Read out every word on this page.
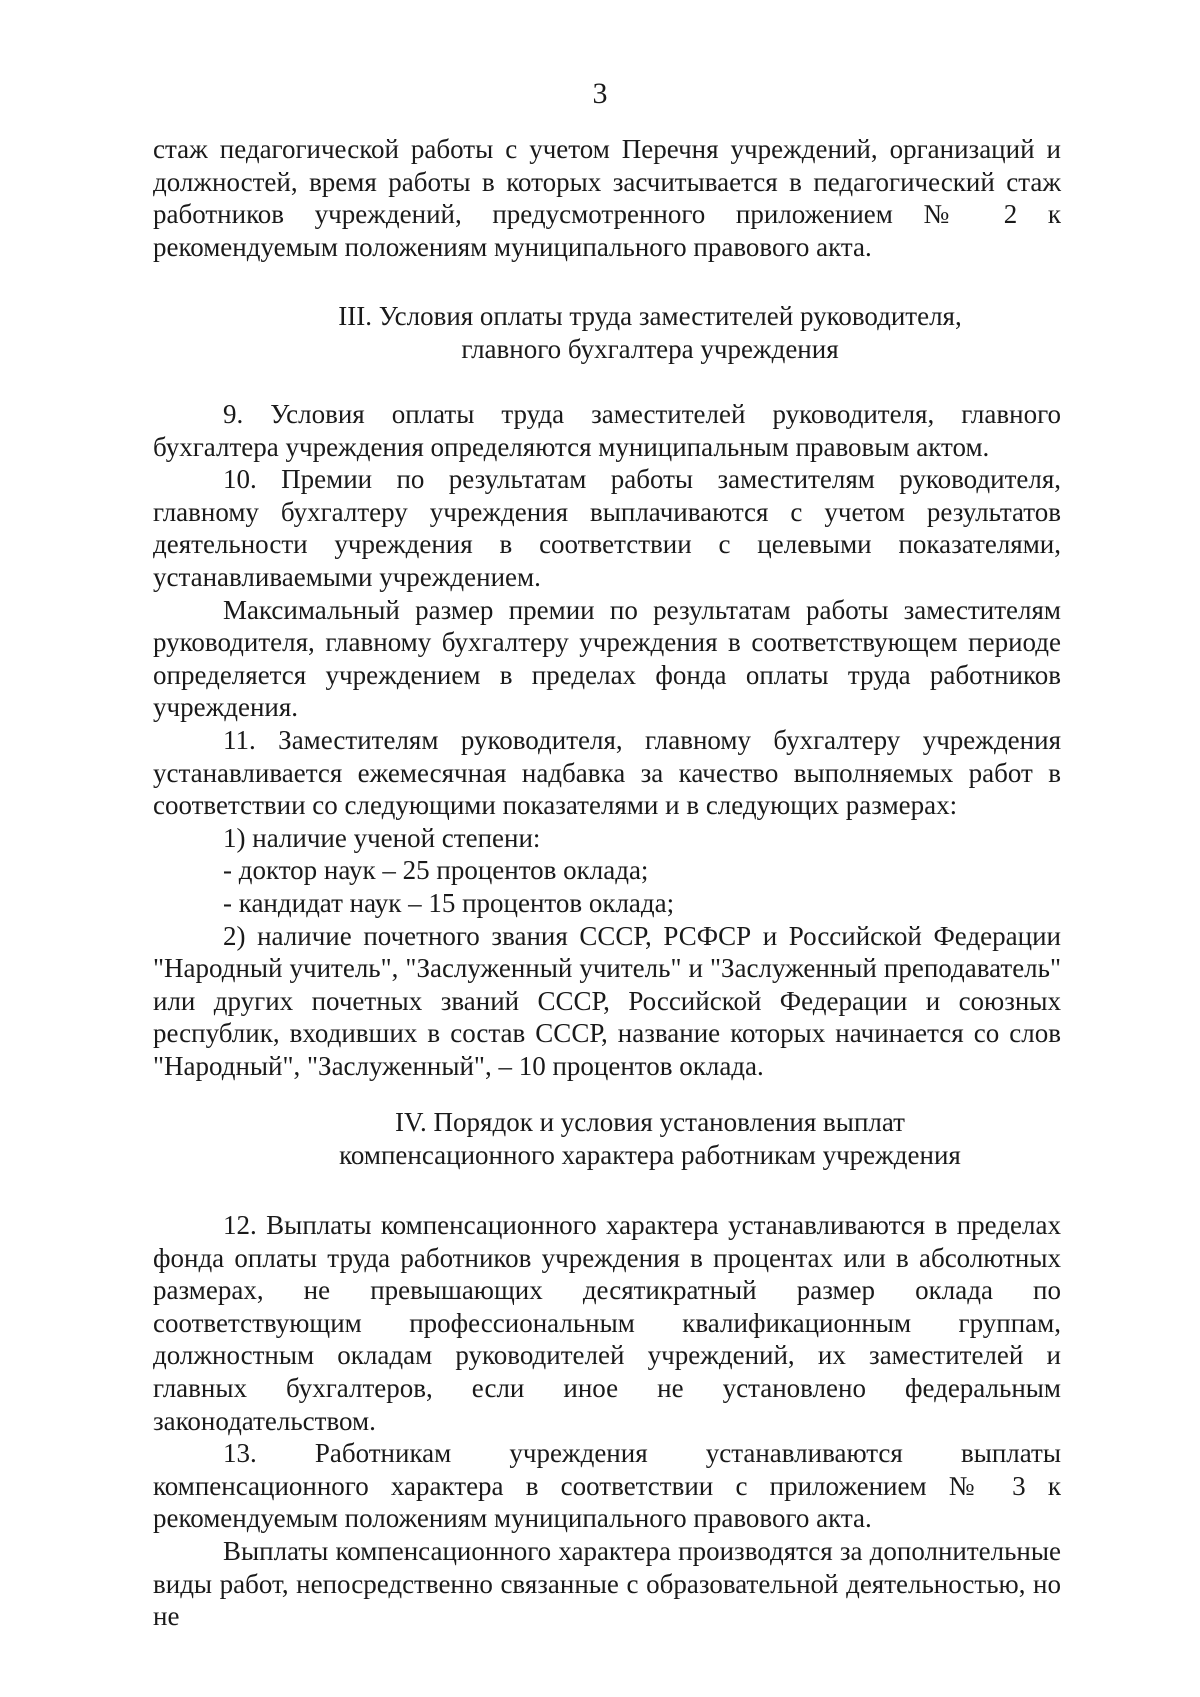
3

стаж педагогической работы с учетом Перечня учреждений, организаций и должностей, время работы в которых засчитывается в педагогический стаж работников учреждений, предусмотренного приложением № 2 к рекомендуемым положениям муниципального правового акта.

III. Условия оплаты труда заместителей руководителя,

главного бухгалтера учреждения

9. Условия оплаты труда заместителей руководителя, главного бухгалтера учреждения определяются муниципальным правовым актом.

10. Премии по результатам работы заместителям руководителя, главному бухгалтеру учреждения выплачиваются с учетом результатов деятельности учреждения в соответствии с целевыми показателями, устанавливаемыми учреждением.

Максимальный размер премии по результатам работы заместителям руководителя, главному бухгалтеру учреждения в соответствующем периоде определяется учреждением в пределах фонда оплаты труда работников учреждения.

11. Заместителям руководителя, главному бухгалтеру учреждения устанавливается ежемесячная надбавка за качество выполняемых работ в соответствии со следующими показателями и в следующих размерах:

1) наличие ученой степени:

- доктор наук – 25 процентов оклада;

- кандидат наук – 15 процентов оклада;

2) наличие почетного звания СССР, РСФСР и Российской Федерации "Народный учитель", "Заслуженный учитель" и "Заслуженный преподаватель" или других почетных званий СССР, Российской Федерации и союзных республик, входивших в состав СССР, название которых начинается со слов "Народный", "Заслуженный", – 10 процентов оклада.

IV. Порядок и условия установления выплат

компенсационного характера работникам учреждения

12. Выплаты компенсационного характера устанавливаются в пределах фонда оплаты труда работников учреждения в процентах или в абсолютных размерах, не превышающих десятикратный размер оклада по соответствующим профессиональным квалификационным группам, должностным окладам руководителей учреждений, их заместителей и главных бухгалтеров, если иное не установлено федеральным законодательством.

13. Работникам учреждения устанавливаются выплаты компенсационного характера в соответствии с приложением № 3 к рекомендуемым положениям муниципального правового акта.

Выплаты компенсационного характера производятся за дополнительные виды работ, непосредственно связанные с образовательной деятельностью, но не
